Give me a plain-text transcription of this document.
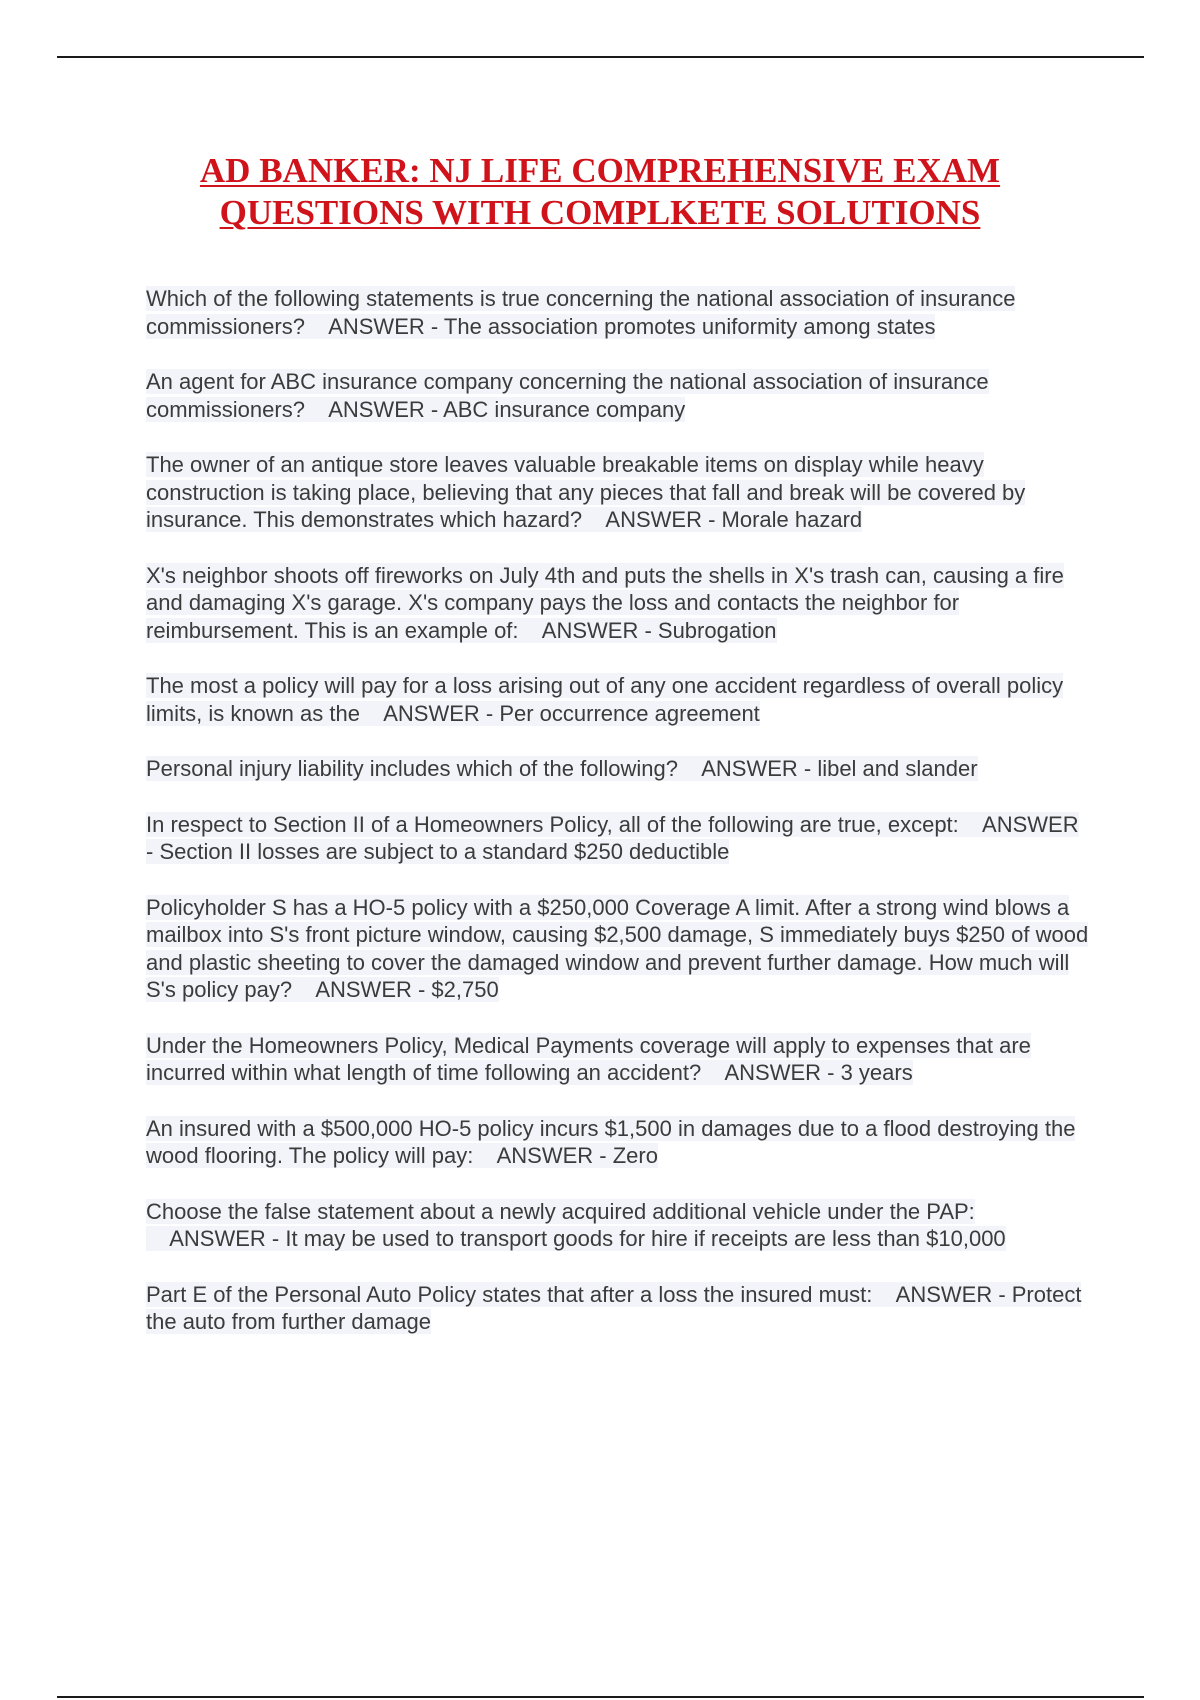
AD BANKER: NJ LIFE COMPREHENSIVE EXAM
QUESTIONS WITH COMPLKETE SOLUTIONS

Which of the following statements is true concerning the national association of insurance commissioners? ANSWER - The association promotes uniformity among states

An agent for ABC insurance company concerning the national association of insurance commissioners? ANSWER - ABC insurance company

The owner of an antique store leaves valuable breakable items on display while heavy construction is taking place, believing that any pieces that fall and break will be covered by insurance. This demonstrates which hazard? ANSWER - Morale hazard

X's neighbor shoots off fireworks on July 4th and puts the shells in X's trash can, causing a fire and damaging X's garage. X's company pays the loss and contacts the neighbor for reimbursement. This is an example of: ANSWER - Subrogation

The most a policy will pay for a loss arising out of any one accident regardless of overall policy limits, is known as the ANSWER - Per occurrence agreement

Personal injury liability includes which of the following? ANSWER - libel and slander

In respect to Section II of a Homeowners Policy, all of the following are true, except: ANSWER - Section II losses are subject to a standard $250 deductible

Policyholder S has a HO-5 policy with a $250,000 Coverage A limit. After a strong wind blows a mailbox into S's front picture window, causing $2,500 damage, S immediately buys $250 of wood and plastic sheeting to cover the damaged window and prevent further damage. How much will S's policy pay? ANSWER - $2,750

Under the Homeowners Policy, Medical Payments coverage will apply to expenses that are incurred within what length of time following an accident? ANSWER - 3 years

An insured with a $500,000 HO-5 policy incurs $1,500 in damages due to a flood destroying the wood flooring. The policy will pay: ANSWER - Zero

Choose the false statement about a newly acquired additional vehicle under the PAP:    ANSWER - It may be used to transport goods for hire if receipts are less than $10,000

Part E of the Personal Auto Policy states that after a loss the insured must: ANSWER - Protect the auto from further damage
